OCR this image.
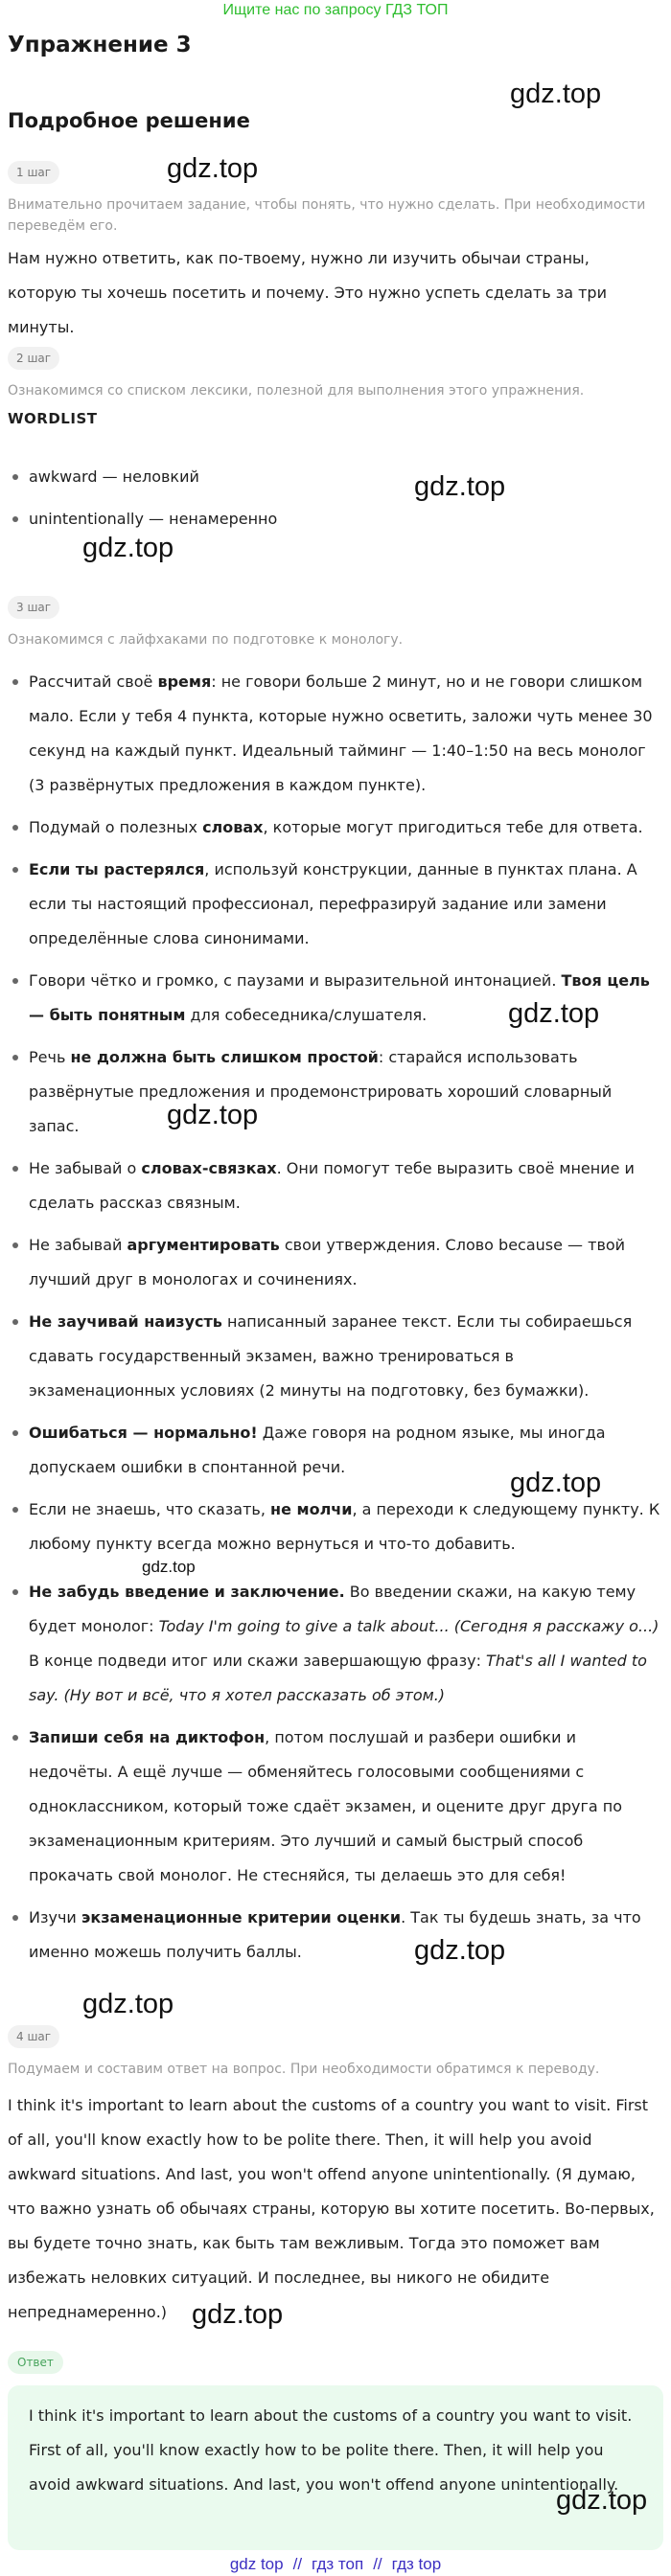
Ищите нас по запросу ГДЗ ТОП
Упражнение 3
Подробное решение
1 шаг
Внимательно прочитаем задание, чтобы понять, что нужно сделать. При необходимости переведём его.
Нам нужно ответить, как по-твоему, нужно ли изучить обычаи страны, которую ты хочешь посетить и почему. Это нужно успеть сделать за три минуты.
2 шаг
Ознакомимся со списком лексики, полезной для выполнения этого упражнения.
WORDLIST
awkward — неловкий
unintentionally — ненамеренно
3 шаг
Ознакомимся с лайфхаками по подготовке к монологу.
Рассчитай своё время: не говори больше 2 минут, но и не говори слишком мало. Если у тебя 4 пункта, которые нужно осветить, заложи чуть менее 30 секунд на каждый пункт. Идеальный тайминг — 1:40–1:50 на весь монолог (3 развёрнутых предложения в каждом пункте).
Подумай о полезных словах, которые могут пригодиться тебе для ответа.
Если ты растерялся, используй конструкции, данные в пунктах плана. А если ты настоящий профессионал, перефразируй задание или замени определённые слова синонимами.
Говори чётко и громко, с паузами и выразительной интонацией. Твоя цель — быть понятным для собеседника/слушателя.
Речь не должна быть слишком простой: старайся использовать развёрнутые предложения и продемонстрировать хороший словарный запас.
Не забывай о словах-связках. Они помогут тебе выразить своё мнение и сделать рассказ связным.
Не забывай аргументировать свои утверждения. Слово because — твой лучший друг в монологах и сочинениях.
Не заучивай наизусть написанный заранее текст. Если ты собираешься сдавать государственный экзамен, важно тренироваться в экзаменационных условиях (2 минуты на подготовку, без бумажки).
Ошибаться — нормально! Даже говоря на родном языке, мы иногда допускаем ошибки в спонтанной речи.
Если не знаешь, что сказать, не молчи, а переходи к следующему пункту. К любому пункту всегда можно вернуться и что-то добавить.
Не забудь введение и заключение. Во введении скажи, на какую тему будет монолог: Today I'm going to give a talk about... (Сегодня я расскажу о...) В конце подведи итог или скажи завершающую фразу: That's all I wanted to say. (Ну вот и всё, что я хотел рассказать об этом.)
Запиши себя на диктофон, потом послушай и разбери ошибки и недочёты. А ещё лучше — обменяйтесь голосовыми сообщениями с одноклассником, который тоже сдаёт экзамен, и оцените друг друга по экзаменационным критериям. Это лучший и самый быстрый способ прокачать свой монолог. Не стесняйся, ты делаешь это для себя!
Изучи экзаменационные критерии оценки. Так ты будешь знать, за что именно можешь получить баллы.
4 шаг
Подумаем и составим ответ на вопрос. При необходимости обратимся к переводу.
I think it's important to learn about the customs of a country you want to visit. First of all, you'll know exactly how to be polite there. Then, it will help you avoid awkward situations. And last, you won't offend anyone unintentionally. (Я думаю, что важно узнать об обычаях страны, которую вы хотите посетить. Во-первых, вы будете точно знать, как быть там вежливым. Тогда это поможет вам избежать неловких ситуаций. И последнее, вы никого не обидите непреднамеренно.)
Ответ
I think it's important to learn about the customs of a country you want to visit. First of all, you'll know exactly how to be polite there. Then, it will help you avoid awkward situations. And last, you won't offend anyone unintentionally.
gdz.top
gdz.top
gdz.top
gdz.top
gdz.top
gdz.top
gdz.top
gdz.top
gdz.top
gdz.top
gdz.top
gdz.top
gdz top // гдз топ // гдз top
